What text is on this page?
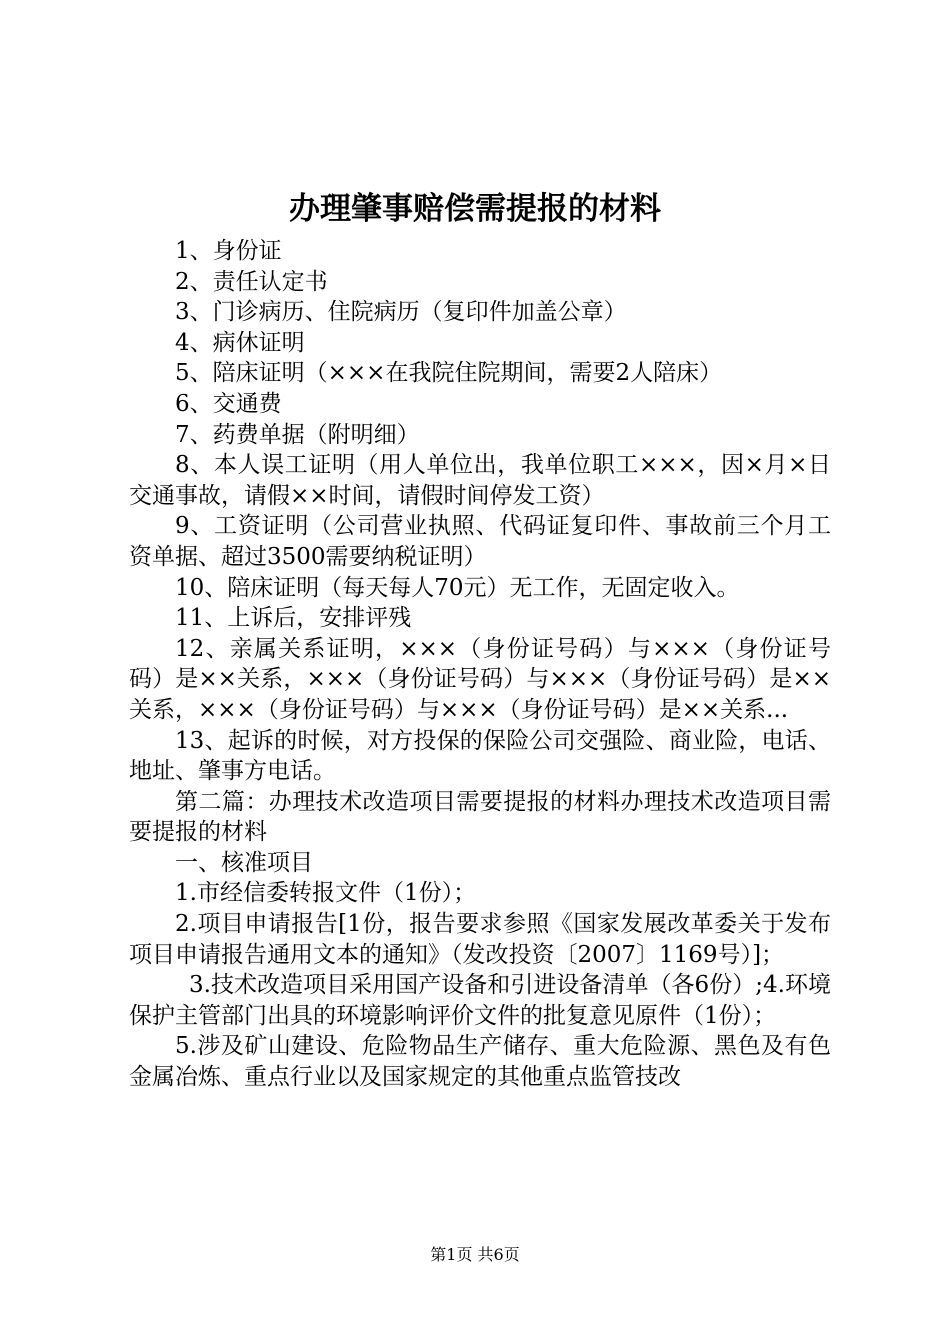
办理肇事赔偿需提报的材料

1、身份证

2、责任认定书

3、门诊病历、住院病历（复印件加盖公章）

4、病休证明

5、陪床证明（×××在我院住院期间，需要2人陪床）

6、交通费

7、药费单据（附明细）

8、本人误工证明（用人单位出，我单位职工×××，因×月×日交通事故，请假××时间，请假时间停发工资）

9、工资证明（公司营业执照、代码证复印件、事故前三个月工资单据、超过3500需要纳税证明）

10、陪床证明（每天每人70元）无工作，无固定收入。

11、上诉后，安排评残

12、亲属关系证明，×××（身份证号码）与×××（身份证号码）是××关系，×××（身份证号码）与×××（身份证号码）是××关系，×××（身份证号码）与×××（身份证号码）是××关系...

13、起诉的时候，对方投保的保险公司交强险、商业险，电话、地址、肇事方电话。

第二篇：办理技术改造项目需要提报的材料办理技术改造项目需要提报的材料

一、核准项目

1.市经信委转报文件（1份）；

2.项目申请报告[1份，报告要求参照《国家发展改革委关于发布项目申请报告通用文本的通知》（发改投资〔2007〕1169号）]；

3.技术改造项目采用国产设备和引进设备清单（各6份）;4.环境保护主管部门出具的环境影响评价文件的批复意见原件（1份）；

5.涉及矿山建设、危险物品生产储存、重大危险源、黑色及有色金属冶炼、重点行业以及国家规定的其他重点监管技改

第1页 共6页
